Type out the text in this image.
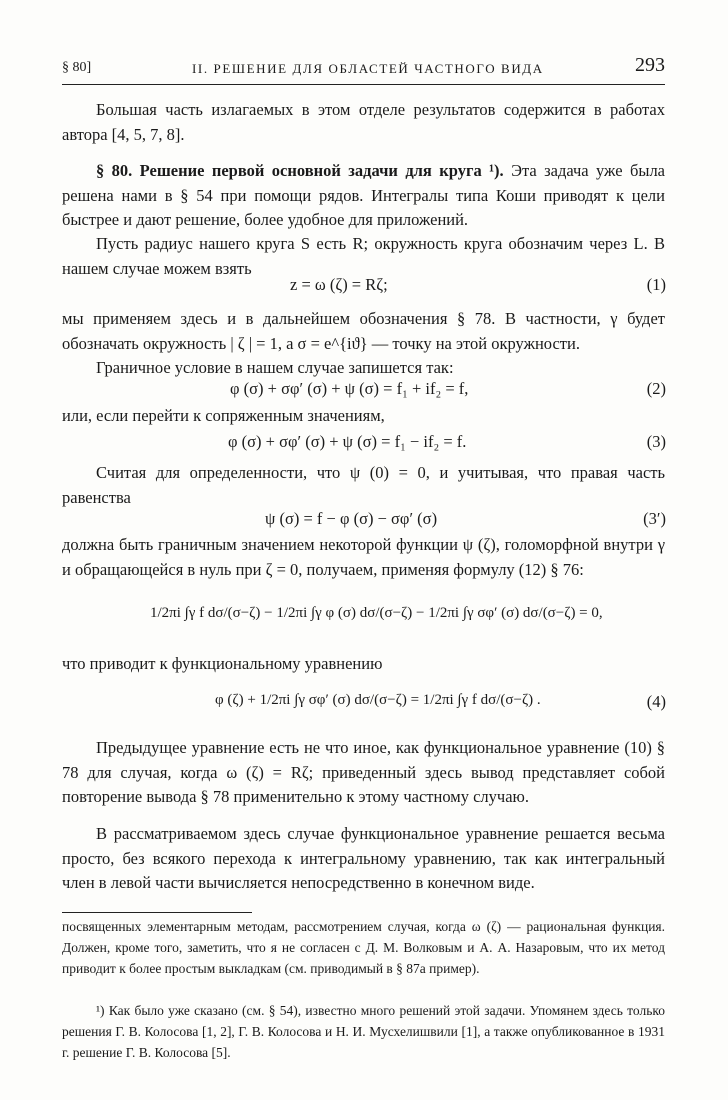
§ 80]	II. РЕШЕНИЕ ДЛЯ ОБЛАСТЕЙ ЧАСТНОГО ВИДА	293
Большая часть излагаемых в этом отделе результатов содержится в работах автора [4, 5, 7, 8].
§ 80. Решение первой основной задачи для круга ¹). Эта задача уже была решена нами в § 54 при помощи рядов. Интегралы типа Коши приводят к цели быстрее и дают решение, более удобное для приложений.
Пусть радиус нашего круга S есть R; окружность круга обозначим через L. В нашем случае можем взять
z = ω (ζ) = Rζ;	(1)
мы применяем здесь и в дальнейшем обозначения § 78. В частности, γ будет обозначать окружность | ζ | = 1, а σ = e^{iϑ} — точку на этой окружности.
Граничное условие в нашем случае запишется так:
φ (σ) + σφ′ (σ) + ψ (σ) = f₁ + if₂ = f,	(2)
или, если перейти к сопряженным значениям,
φ (σ) + σφ′ (σ) + ψ (σ) = f₁ − if₂ = f.	(3)
Считая для определенности, что ψ (0) = 0, и учитывая, что правая часть равенства
ψ (σ) = f − φ (σ) − σφ′ (σ)	(3′)
должна быть граничным значением некоторой функции ψ (ζ), голоморфной внутри γ и обращающейся в нуль при ζ = 0, получаем, применяя формулу (12) § 76:
1/2πi ∫γ f dσ/(σ−ζ) − 1/2πi ∫γ φ (σ) dσ/(σ−ζ) − 1/2πi ∫γ σφ′ (σ) dσ/(σ−ζ) = 0,
что приводит к функциональному уравнению
φ (ζ) + 1/2πi ∫γ σφ′ (σ) dσ/(σ−ζ) = 1/2πi ∫γ f dσ/(σ−ζ) .	(4)
Предыдущее уравнение есть не что иное, как функциональное уравнение (10) § 78 для случая, когда ω (ζ) = Rζ; приведенный здесь вывод представляет собой повторение вывода § 78 применительно к этому частному случаю.
В рассматриваемом здесь случае функциональное уравнение решается весьма просто, без всякого перехода к интегральному уравнению, так как интегральный член в левой части вычисляется непосредственно в конечном виде.
посвященных элементарным методам, рассмотрением случая, когда ω (ζ) — рациональная функция. Должен, кроме того, заметить, что я не согласен с Д. М. Волковым и А. А. Назаровым, что их метод приводит к более простым выкладкам (см. приводимый в § 87а пример).
¹) Как было уже сказано (см. § 54), известно много решений этой задачи. Упомянем здесь только решения Г. В. Колосова [1, 2], Г. В. Колосова и Н. И. Мусхелишвили [1], а также опубликованное в 1931 г. решение Г. В. Колосова [5].
